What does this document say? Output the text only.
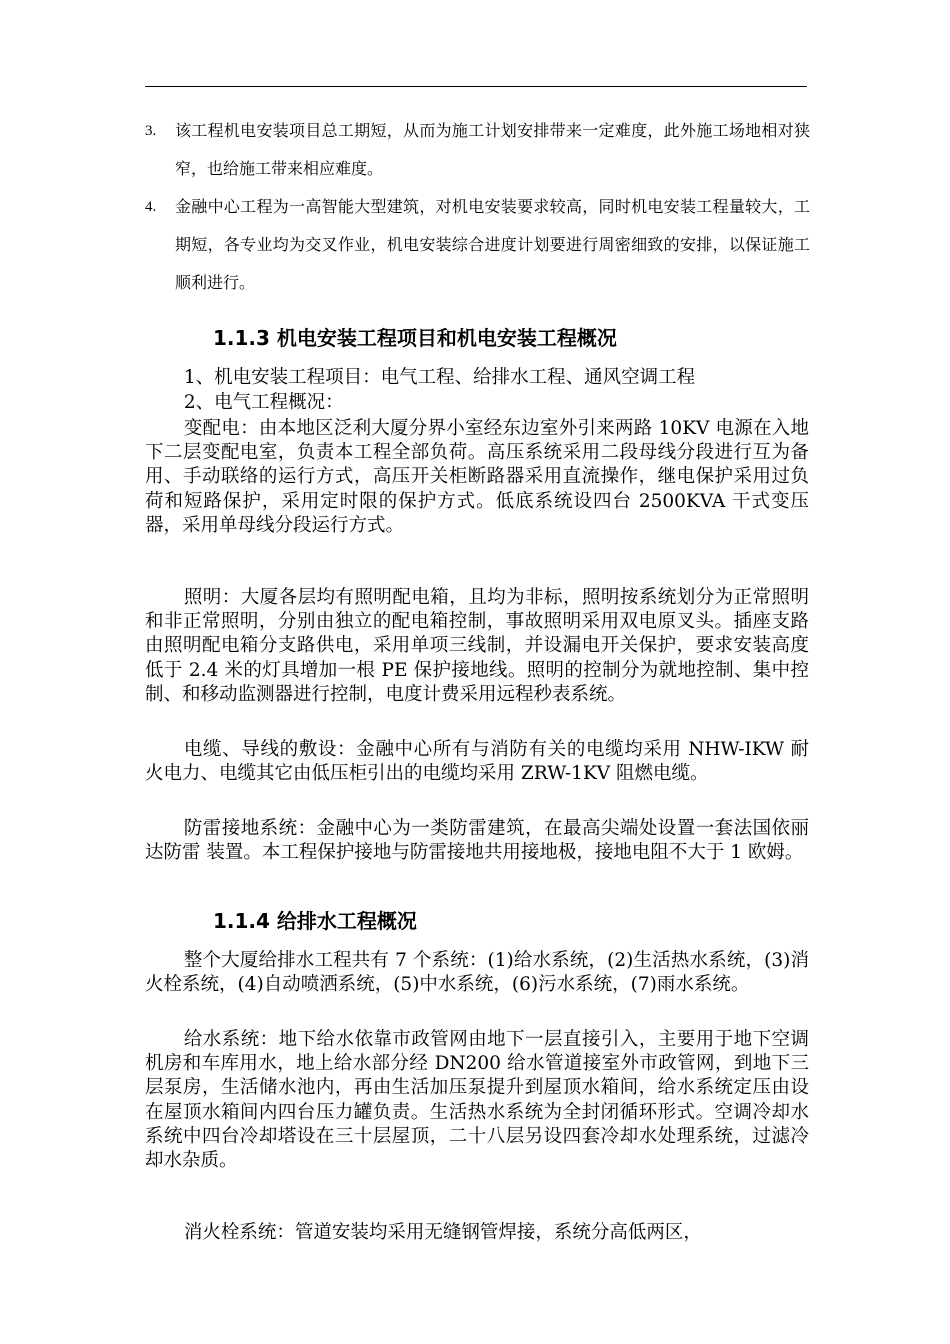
3. 该工程机电安装项目总工期短，从而为施工计划安排带来一定难度，此外施工场地相对狭窄，也给施工带来相应难度。
4. 金融中心工程为一高智能大型建筑，对机电安装要求较高，同时机电安装工程量较大，工期短，各专业均为交叉作业，机电安装综合进度计划要进行周密细致的安排，以保证施工顺利进行。
1.1.3 机电安装工程项目和机电安装工程概况

1、机电安装工程项目：电气工程、给排水工程、通风空调工程

2、电气工程概况：

变配电：由本地区泛利大厦分界小室经东边室外引来两路 10KV 电源在入地下二层变配电室，负责本工程全部负荷。高压系统采用二段母线分段进行互为备用、手动联络的运行方式，高压开关柜断路器采用直流操作，继电保护采用过负荷和短路保护，采用定时限的保护方式。低底系统设四台 2500KVA 干式变压器，采用单母线分段运行方式。

照明：大厦各层均有照明配电箱，且均为非标，照明按系统划分为正常照明和非正常照明，分别由独立的配电箱控制，事故照明采用双电原叉头。插座支路由照明配电箱分支路供电，采用单项三线制，并设漏电开关保护，要求安装高度低于 2.4 米的灯具增加一根 PE 保护接地线。照明的控制分为就地控制、集中控制、和移动监测器进行控制，电度计费采用远程秒表系统。

电缆、导线的敷设：金融中心所有与消防有关的电缆均采用 NHW-IKW 耐火电力、电缆其它由低压柜引出的电缆均采用 ZRW-1KV 阻燃电缆。

防雷接地系统：金融中心为一类防雷建筑，在最高尖端处设置一套法国依丽达防雷 装置。本工程保护接地与防雷接地共用接地极，接地电阻不大于 1 欧姆。

1.1.4 给排水工程概况

整个大厦给排水工程共有 7 个系统：(1)给水系统，(2)生活热水系统，(3)消火栓系统，(4)自动喷洒系统，(5)中水系统，(6)污水系统，(7)雨水系统。

给水系统：地下给水依靠市政管网由地下一层直接引入，主要用于地下空调机房和车库用水，地上给水部分经 DN200 给水管道接室外市政管网，到地下三层泵房，生活储水池内，再由生活加压泵提升到屋顶水箱间，给水系统定压由设在屋顶水箱间内四台压力罐负责。生活热水系统为全封闭循环形式。空调冷却水系统中四台冷却塔设在三十层屋顶，二十八层另设四套冷却水处理系统，过滤冷却水杂质。

消火栓系统：管道安装均采用无缝钢管焊接，系统分高低两区，
